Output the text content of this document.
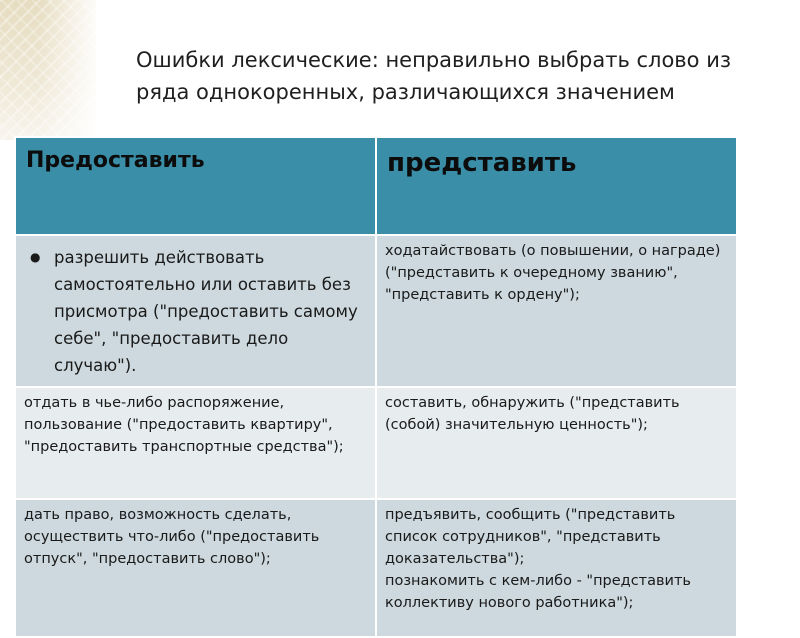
Ошибки лексические: неправильно выбрать слово из ряда однокоренных, различающихся значением
Предоставить	представить

● разрешить действовать самостоятельно или оставить без присмотра ("предоставить самому себе", "предоставить дело случаю").	ходатайствовать (о повышении, о награде) ("представить к очередному званию", "представить к ордену");
отдать в чье-либо распоряжение, пользование ("предоставить квартиру", "предоставить транспортные средства");	составить, обнаружить ("представить (собой) значительную ценность");
дать право, возможность сделать, осуществить что-либо ("предоставить отпуск", "предоставить слово");	предъявить, сообщить ("представить список сотрудников", "представить доказательства");
познакомить с кем-либо - "представить коллективу нового работника");
